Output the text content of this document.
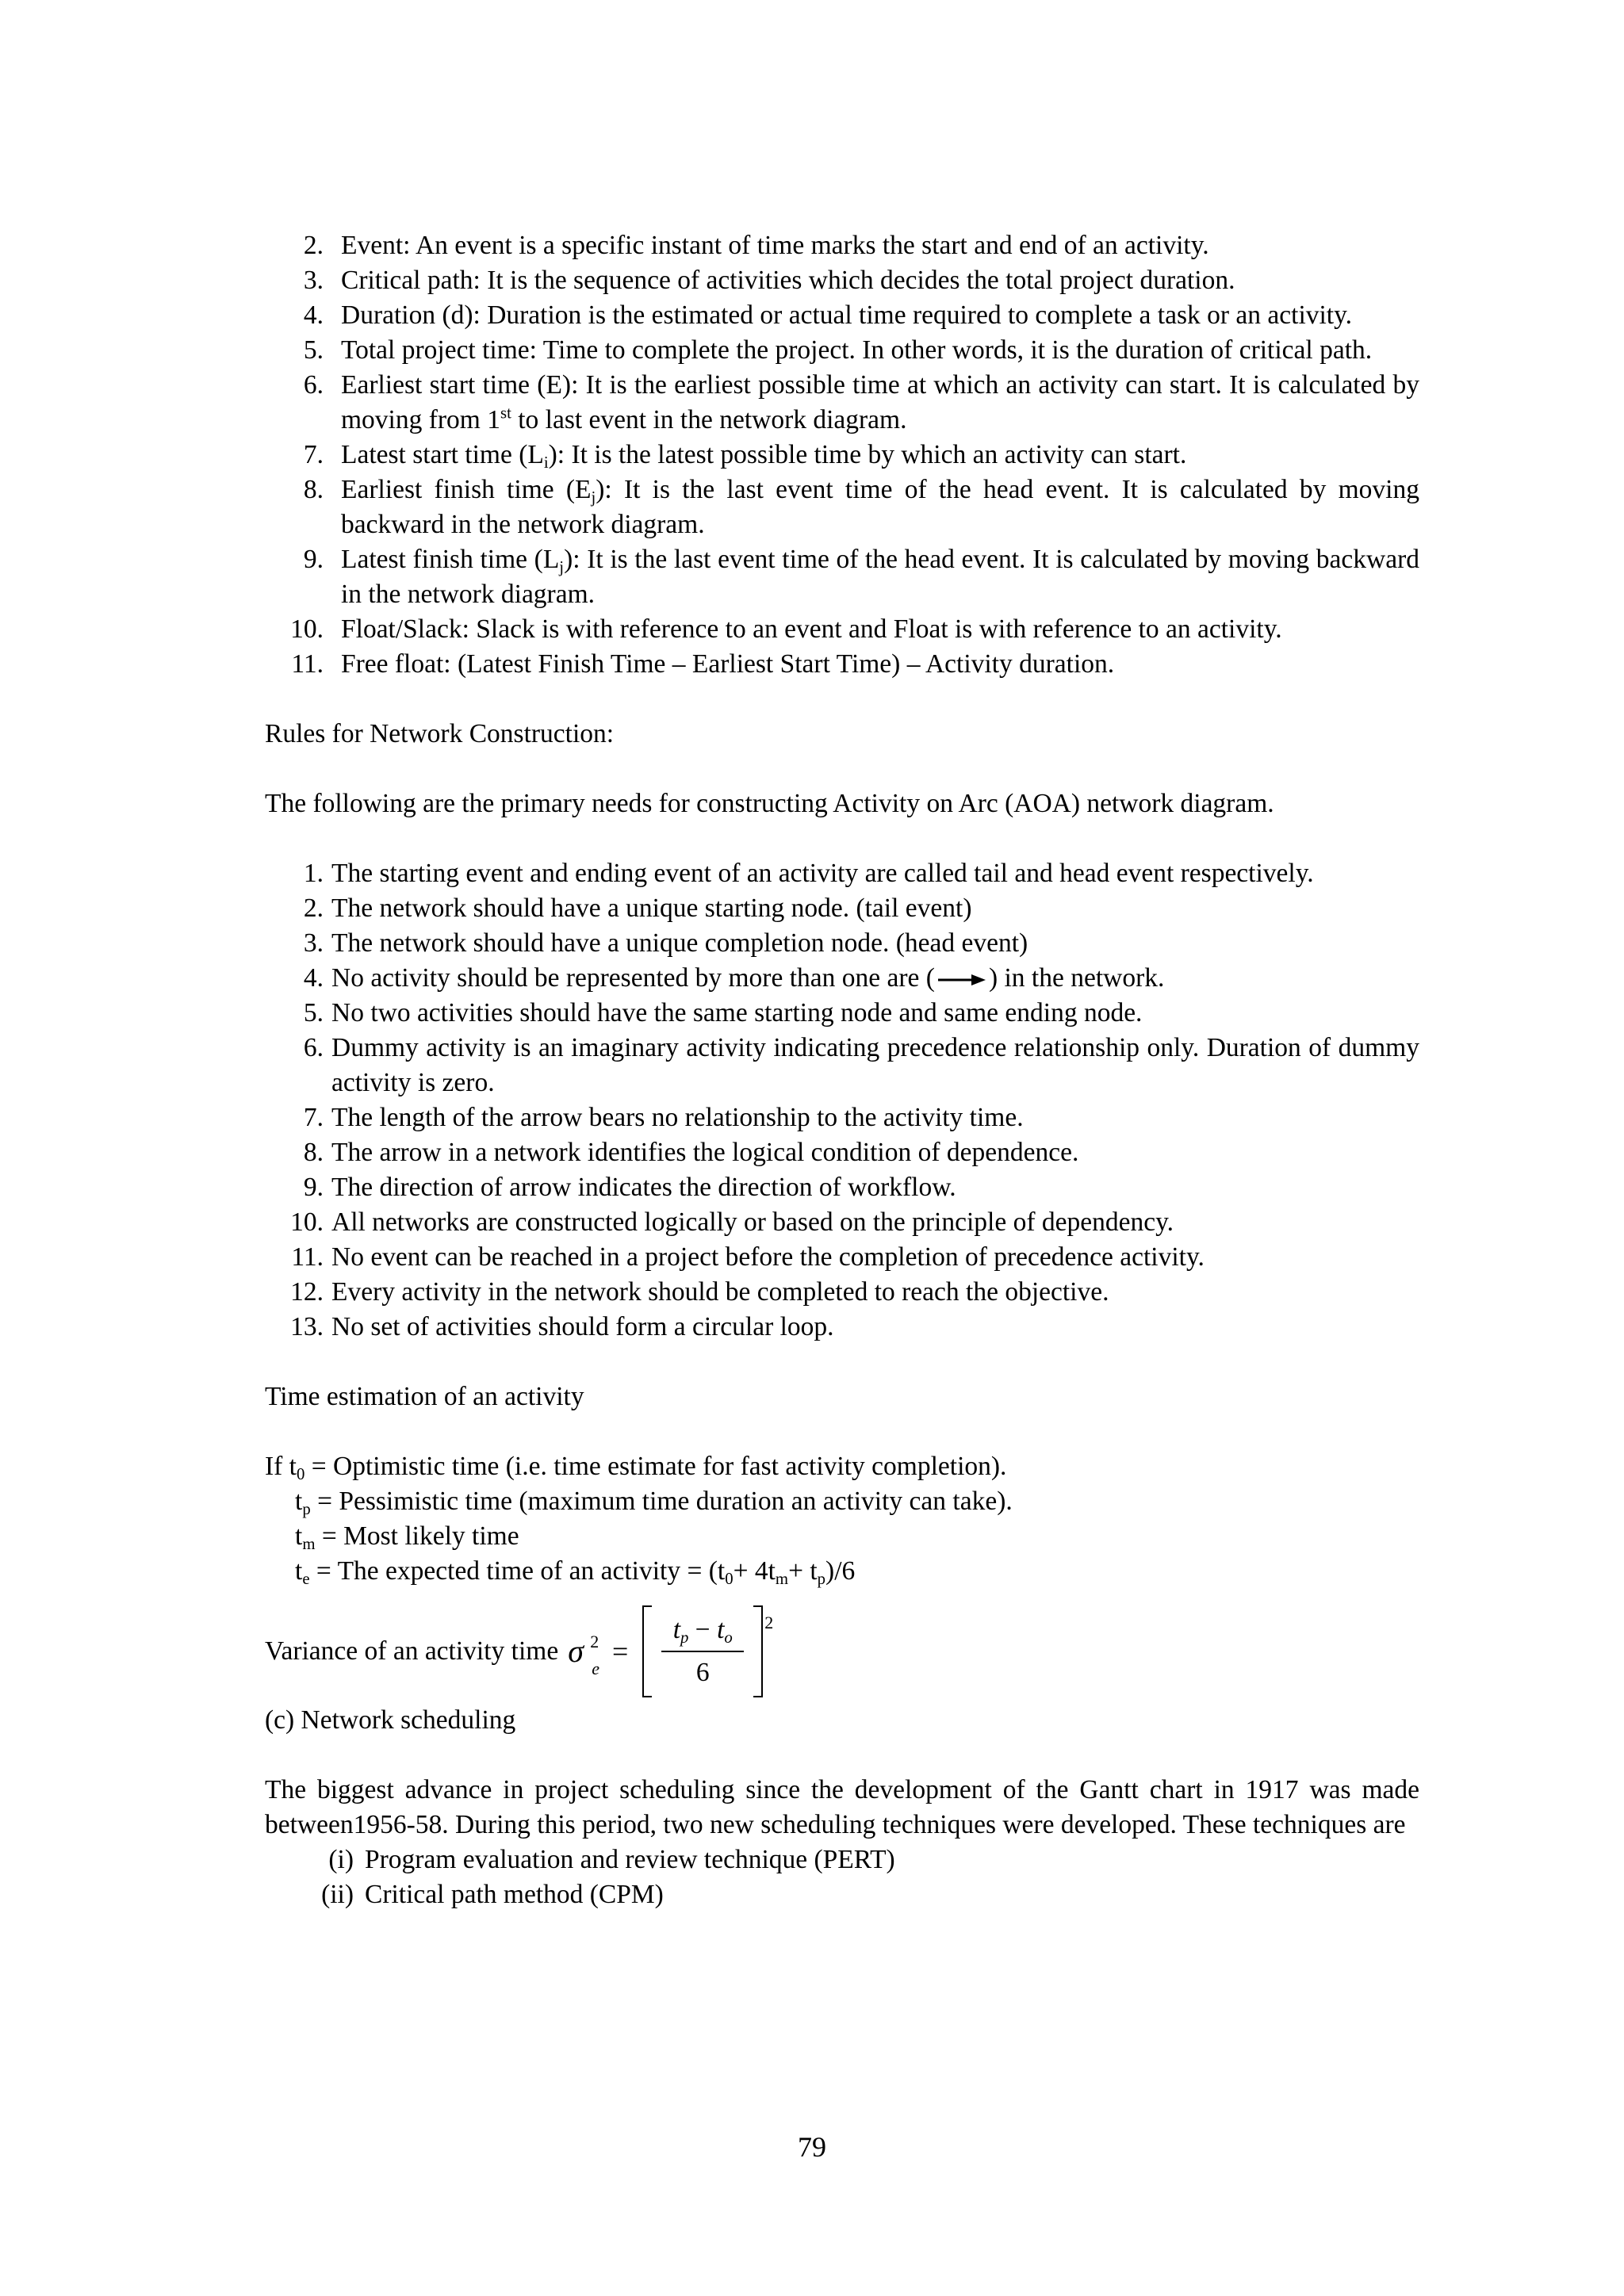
2. Event: An event is a specific instant of time marks the start and end of an activity.
3. Critical path: It is the sequence of activities which decides the total project duration.
4. Duration (d): Duration is the estimated or actual time required to complete a task or an activity.
5. Total project time: Time to complete the project. In other words, it is the duration of critical path.
6. Earliest start time (E): It is the earliest possible time at which an activity can start. It is calculated by moving from 1st to last event in the network diagram.
7. Latest start time $(L_i)$: It is the latest possible time by which an activity can start.
8. Earliest finish time $(E_j)$: It is the last event time of the head event. It is calculated by moving backward in the network diagram.
9. Latest finish time $(L_j)$: It is the last event time of the head event. It is calculated by moving backward in the network diagram.
10. Float/Slack: Slack is with reference to an event and Float is with reference to an activity.
11. Free float: (Latest Finish Time – Earliest Start Time) – Activity duration.

Rules for Network Construction:

The following are the primary needs for constructing Activity on Arc (AOA) network diagram.

1. The starting event and ending event of an activity are called tail and head event respectively.
2. The network should have a unique starting node. (tail event)
3. The network should have a unique completion node. (head event)
4. No activity should be represented by more than one are ( ) in the network.
5. No two activities should have the same starting node and same ending node.
6. Dummy activity is an imaginary activity indicating precedence relationship only. Duration of dummy activity is zero.
7. The length of the arrow bears no relationship to the activity time.
8. The arrow in a network identifies the logical condition of dependence.
9. The direction of arrow indicates the direction of workflow.
10. All networks are constructed logically or based on the principle of dependency.
11. No event can be reached in a project before the completion of precedence activity.
12. Every activity in the network should be completed to reach the objective.
13. No set of activities should form a circular loop.

Time estimation of an activity

If $t_0$ = Optimistic time (i.e. time estimate for fast activity completion).
$t_p$ = Pessimistic time (maximum time duration an activity can take).
$t_m$ = Most likely time
$t_e$ = The expected time of an activity = $(t_0+ 4t_m+ t_p)/6$
Variance of an activity time σ 2
e
= $\frac{t_p - t_o}{6} 2$

(c) Network scheduling

The biggest advance in project scheduling since the development of the Gantt chart in 1917 was made between1956-58. During this period, two new scheduling techniques were developed. These techniques are

(i) Program evaluation and review technique (PERT)
(ii) Critical path method (CPM)
79
